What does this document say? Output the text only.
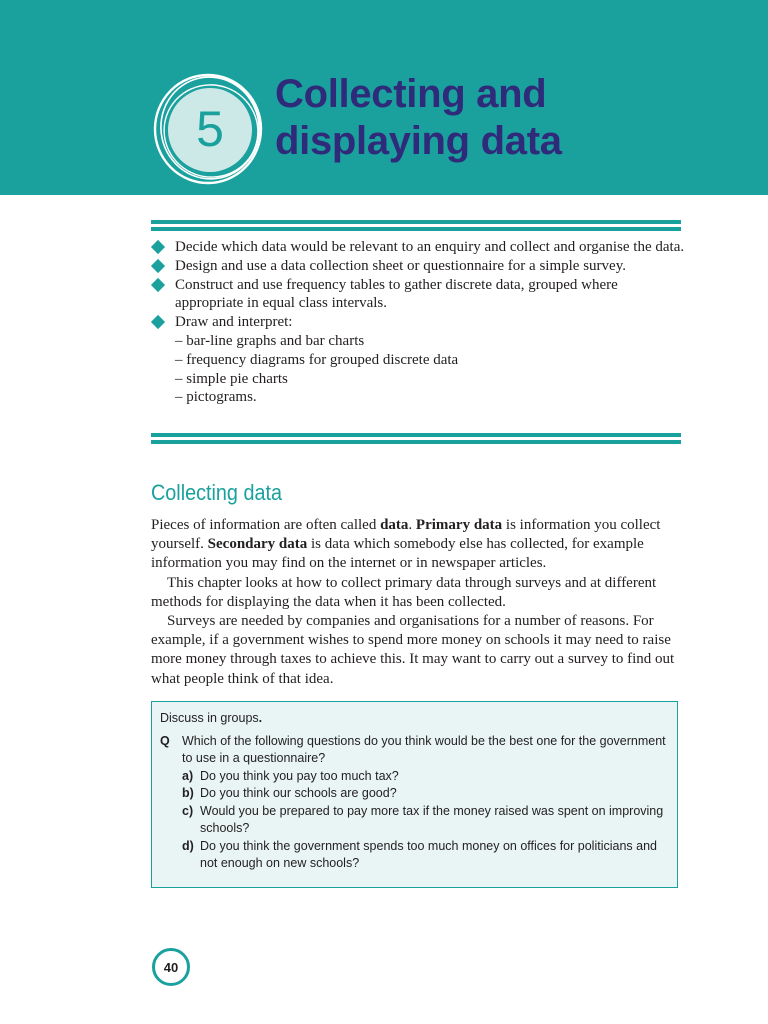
5
Collecting and
displaying data
Decide which data would be relevant to an enquiry and collect and organise the data.
Design and use a data collection sheet or questionnaire for a simple survey.
Construct and use frequency tables to gather discrete data, grouped where appropriate in equal class intervals.
Draw and interpret:
– bar-line graphs and bar charts
– frequency diagrams for grouped discrete data
– simple pie charts
– pictograms.
Collecting data

Pieces of information are often called data. Primary data is information you collect yourself. Secondary data is data which somebody else has collected, for example information you may find on the internet or in newspaper articles.

This chapter looks at how to collect primary data through surveys and at different methods for displaying the data when it has been collected.

Surveys are needed by companies and organisations for a number of reasons. For example, if a government wishes to spend more money on schools it may need to raise more money through taxes to achieve this. It may want to carry out a survey to find out what people think of that idea.

Discuss in groups.

Q Which of the following questions do you think would be the best one for the government to use in a questionnaire?
a) Do you think you pay too much tax?
b) Do you think our schools are good?
c) Would you be prepared to pay more tax if the money raised was spent on improving schools?
d) Do you think the government spends too much money on offices for politicians and not enough on new schools?
40
